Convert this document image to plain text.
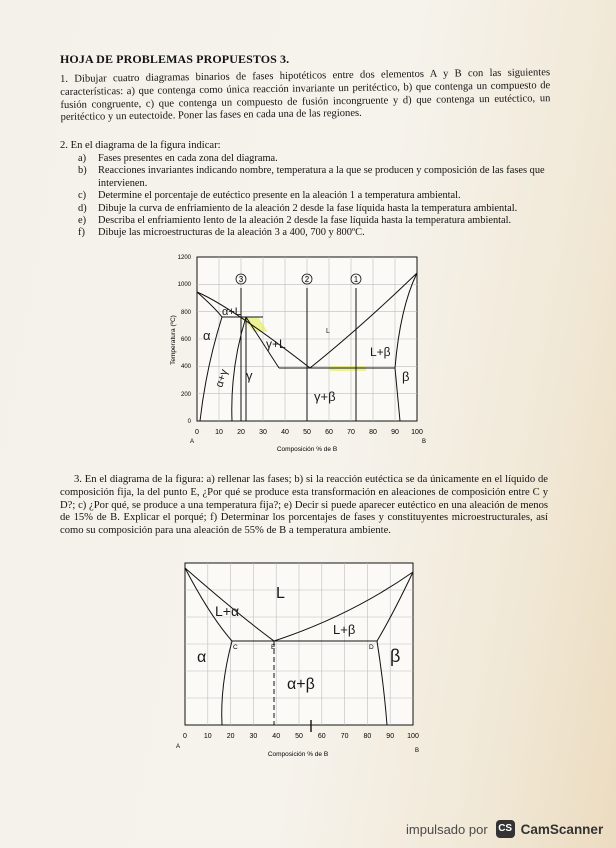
HOJA DE PROBLEMAS PROPUESTOS 3.
1. Dibujar cuatro diagramas binarios de fases hipotéticos entre dos elementos A y B con las siguientes características: a) que contenga como única reacción invariante un peritéctico, b) que contenga un compuesto de fusión congruente, c) que contenga un compuesto de fusión incongruente y d) que contenga un eutéctico, un peritéctico y un eutectoide. Poner las fases en cada una de las regiones.
2. En el diagrama de la figura indicar:
a) Fases presentes en cada zona del diagrama.
b) Reacciones invariantes indicando nombre, temperatura a la que se producen y composición de las fases que intervienen.
c) Determine el porcentaje de eutéctico presente en la aleación 1 a temperatura ambiental.
d) Dibuje la curva de enfriamiento de la aleación 2 desde la fase líquida hasta la temperatura ambiental.
e) Describa el enfriamiento lento de la aleación 2 desde la fase líquida hasta la temperatura ambiental.
f) Dibuje las microestructuras de la aleación 3 a 400, 700 y 800ºC.
3	2	1
0
200
400
600
800
1000
1200
Temperatura (ºC)
0 10 20 30 40 50 60 70 80 90 100
A	B
Composición % de B
α+L
α
γ+L
L
L+β
α+γ γ
γ+β
β
3. En el diagrama de la figura: a) rellenar las fases; b) si la reacción eutéctica se da únicamente en el líquido de composición fija, la del punto E, ¿Por qué se produce esta transformación en aleaciones de composición entre C y D?; c) ¿Por qué, se produce a una temperatura fija?; e) Decir si puede aparecer eutéctico en una aleación de menos de 15% de B. Explicar el porqué; f) Determinar los porcentajes de fases y constituyentes microestructurales, así como su composición para una aleación de 55% de B a temperatura ambiente.
C	E	D
0 10 20 30 40 50 60 70 80 90 100
A
B
Composición % de B
L
L+α
L+β
α	β
α+β
impulsado por CS CamScanner
